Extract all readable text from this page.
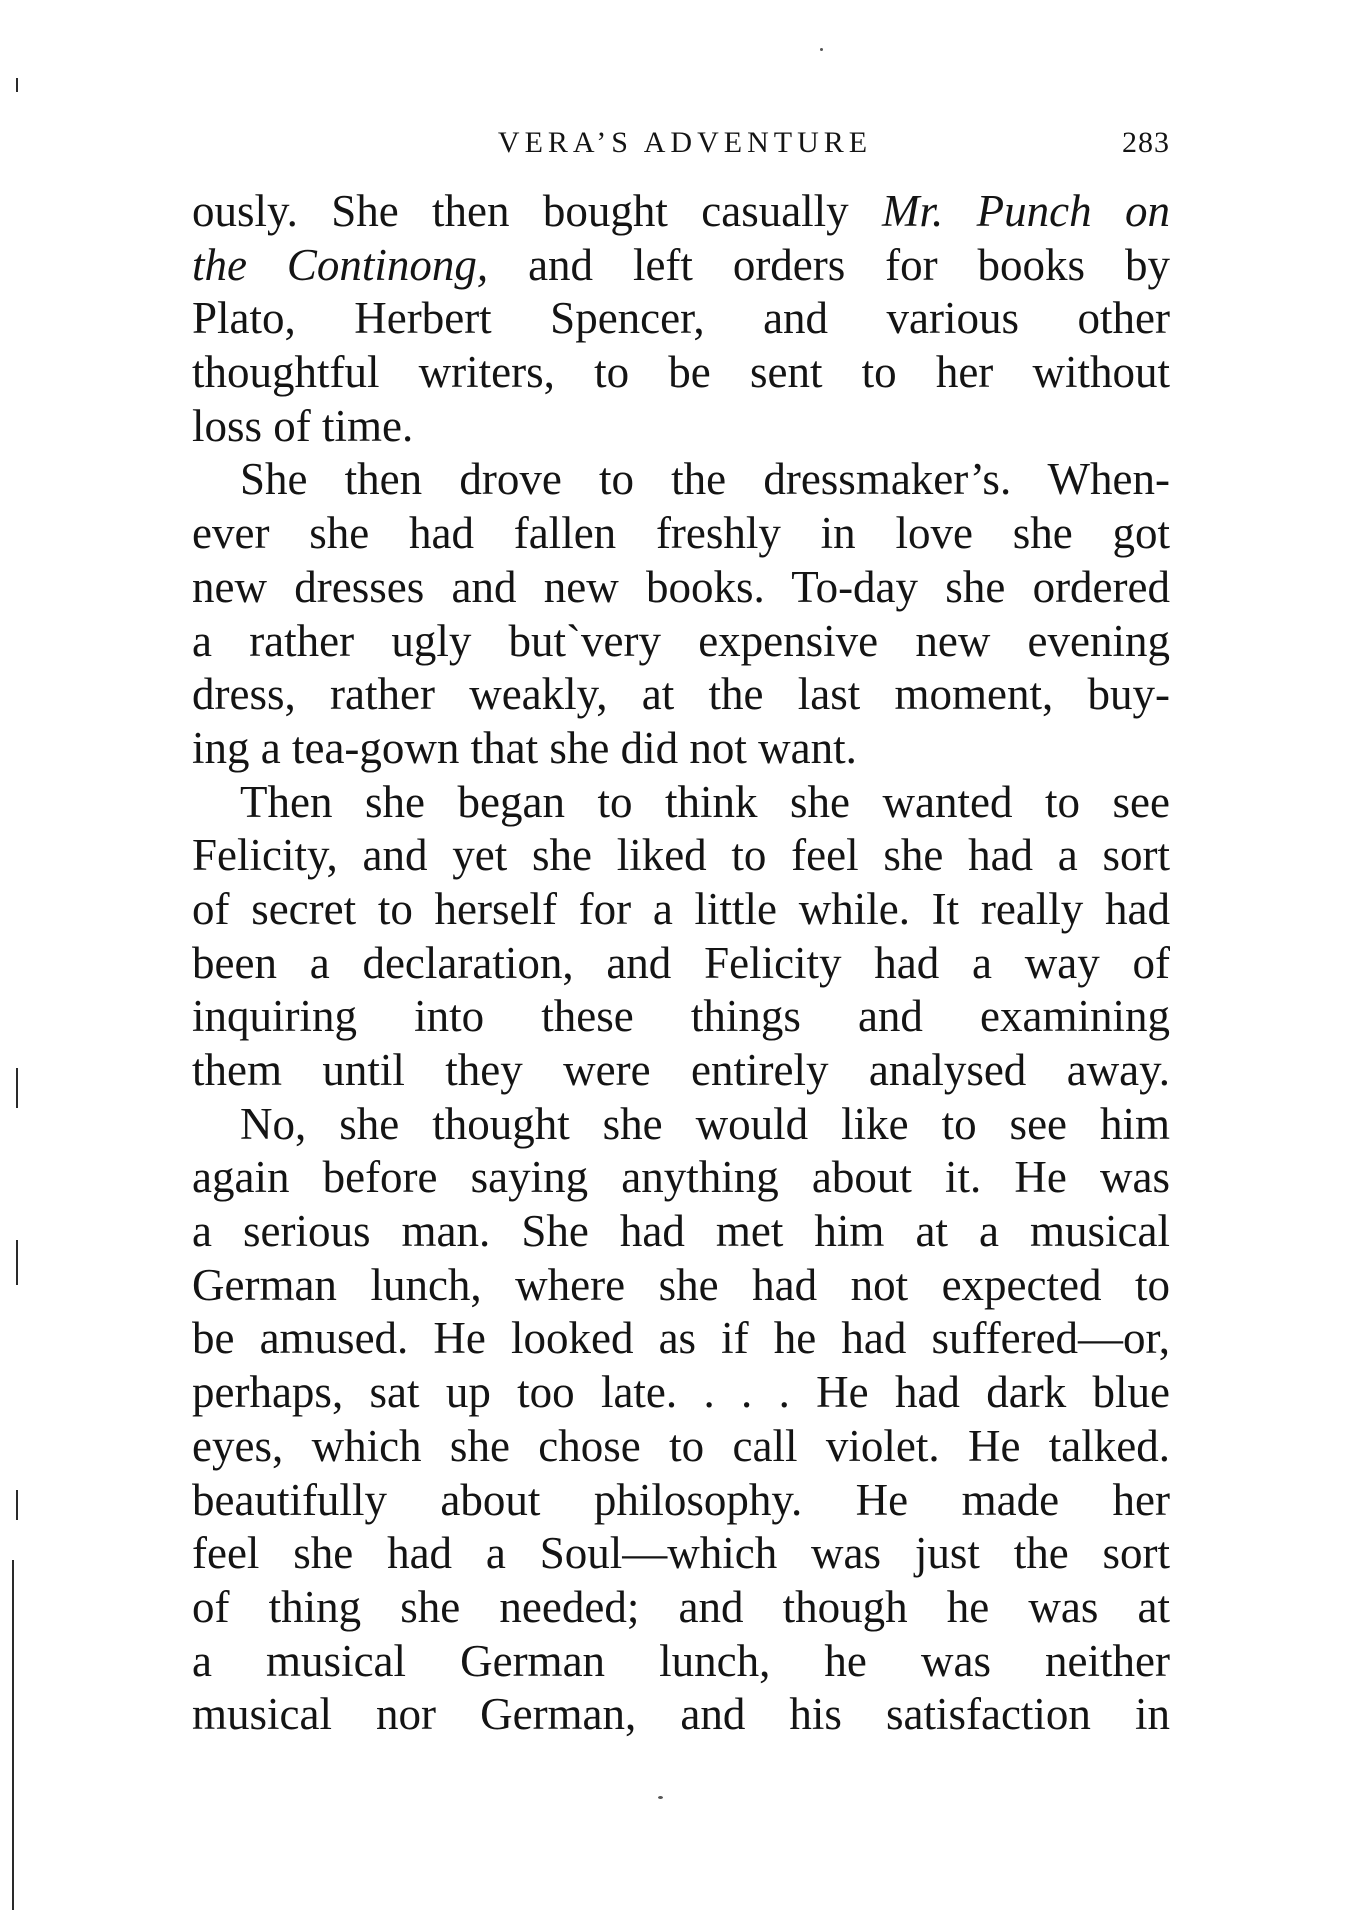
VERA’S ADVENTURE	283

ously. She then bought casually Mr. Punch on
the Continong, and left orders for books by
Plato, Herbert Spencer, and various other
thoughtful writers, to be sent to her without
loss of time.

She then drove to the dressmaker’s. When-
ever she had fallen freshly in love she got
new dresses and new books. To-day she ordered
a rather ugly but`very expensive new evening
dress, rather weakly, at the last moment, buy-
ing a tea-gown that she did not want.

Then she began to think she wanted to see
Felicity, and yet she liked to feel she had a sort
of secret to herself for a little while. It really had
been a declaration, and Felicity had a way of
inquiring into these things and examining
them until they were entirely analysed away.

No, she thought she would like to see him
again before saying anything about it. He was
a serious man. She had met him at a musical
German lunch, where she had not expected to
be amused. He looked as if he had suffered—or,
perhaps, sat up too late. . . . He had dark blue
eyes, which she chose to call violet. He talked.
beautifully about philosophy. He made her
feel she had a Soul—which was just the sort
of thing she needed; and though he was at
a musical German lunch, he was neither
musical nor German, and his satisfaction in
